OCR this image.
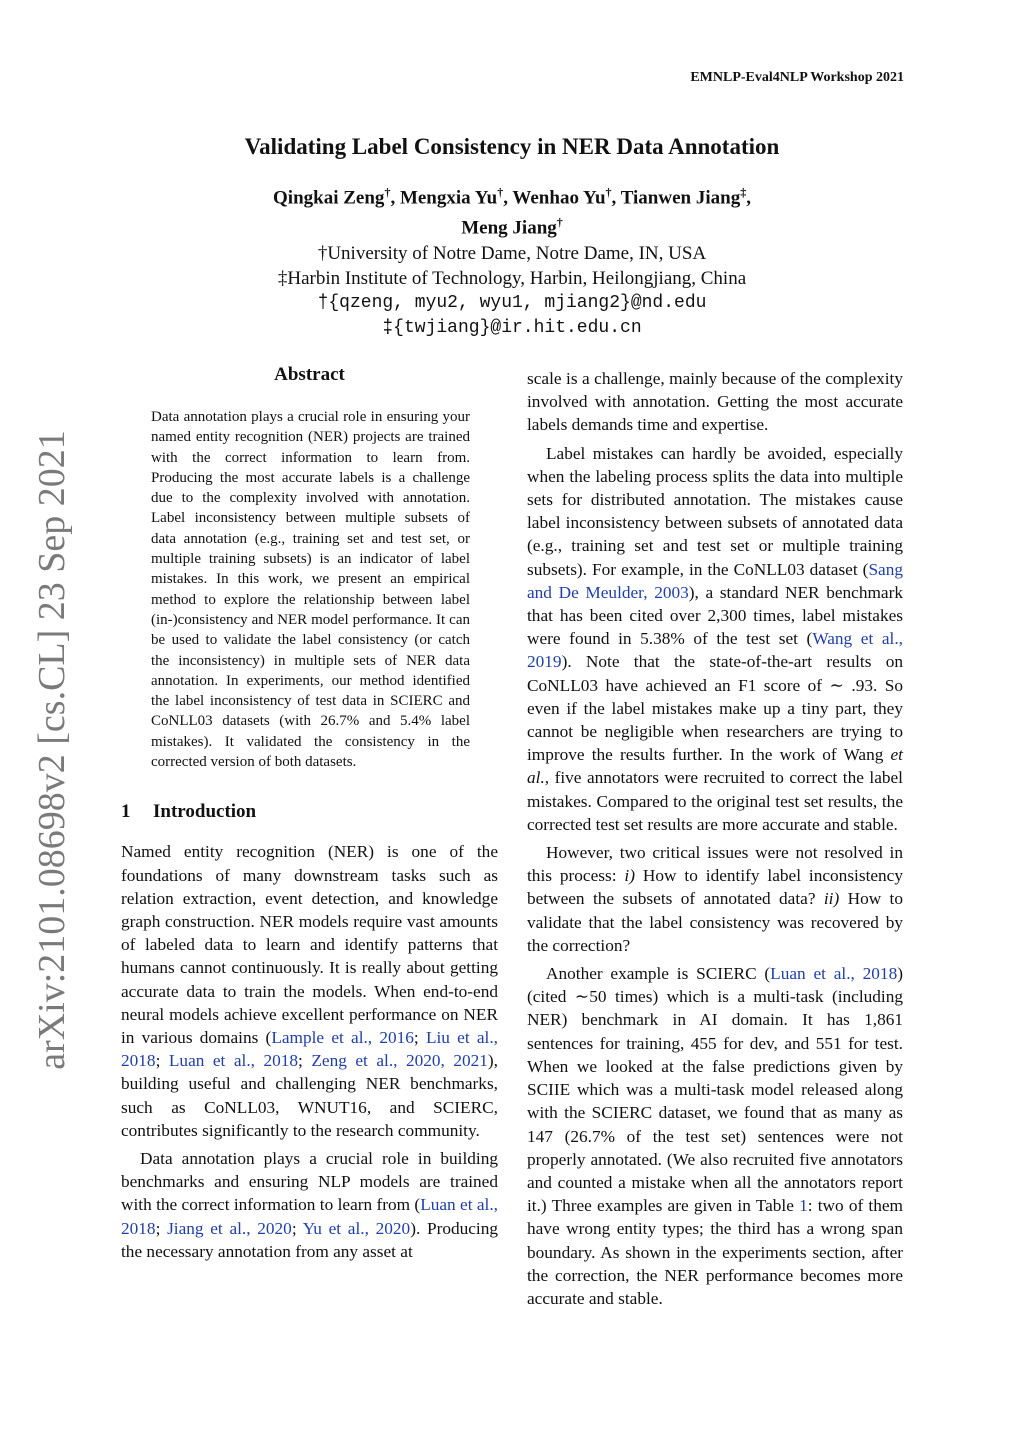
EMNLP-Eval4NLP Workshop 2021
Validating Label Consistency in NER Data Annotation
Qingkai Zeng†, Mengxia Yu†, Wenhao Yu†, Tianwen Jiang‡,
Meng Jiang†
†University of Notre Dame, Notre Dame, IN, USA
‡Harbin Institute of Technology, Harbin, Heilongjiang, China
†{qzeng, myu2, wyu1, mjiang2}@nd.edu
‡{twjiang}@ir.hit.edu.cn
arXiv:2101.08698v2 [cs.CL] 23 Sep 2021
Abstract
Data annotation plays a crucial role in ensuring your named entity recognition (NER) projects are trained with the correct information to learn from. Producing the most accurate labels is a challenge due to the complexity involved with annotation. Label inconsistency between multiple subsets of data annotation (e.g., training set and test set, or multiple training subsets) is an indicator of label mistakes. In this work, we present an empirical method to explore the relationship between label (in-)consistency and NER model performance. It can be used to validate the label consistency (or catch the inconsistency) in multiple sets of NER data annotation. In experiments, our method identified the label inconsistency of test data in SCIERC and CoNLL03 datasets (with 26.7% and 5.4% label mistakes). It validated the consistency in the corrected version of both datasets.
1 Introduction

Named entity recognition (NER) is one of the foundations of many downstream tasks such as relation extraction, event detection, and knowledge graph construction. NER models require vast amounts of labeled data to learn and identify patterns that humans cannot continuously. It is really about getting accurate data to train the models. When end-to-end neural models achieve excellent performance on NER in various domains (Lample et al., 2016; Liu et al., 2018; Luan et al., 2018; Zeng et al., 2020, 2021), building useful and challenging NER benchmarks, such as CoNLL03, WNUT16, and SCIERC, contributes significantly to the research community.

Data annotation plays a crucial role in building benchmarks and ensuring NLP models are trained with the correct information to learn from (Luan et al., 2018; Jiang et al., 2020; Yu et al., 2020). Producing the necessary annotation from any asset at

scale is a challenge, mainly because of the complexity involved with annotation. Getting the most accurate labels demands time and expertise.

Label mistakes can hardly be avoided, especially when the labeling process splits the data into multiple sets for distributed annotation. The mistakes cause label inconsistency between subsets of annotated data (e.g., training set and test set or multiple training subsets). For example, in the CoNLL03 dataset (Sang and De Meulder, 2003), a standard NER benchmark that has been cited over 2,300 times, label mistakes were found in 5.38% of the test set (Wang et al., 2019). Note that the state-of-the-art results on CoNLL03 have achieved an F1 score of ∼ .93. So even if the label mistakes make up a tiny part, they cannot be negligible when researchers are trying to improve the results further. In the work of Wang et al., five annotators were recruited to correct the label mistakes. Compared to the original test set results, the corrected test set results are more accurate and stable.

However, two critical issues were not resolved in this process: i) How to identify label inconsistency between the subsets of annotated data? ii) How to validate that the label consistency was recovered by the correction?

Another example is SCIERC (Luan et al., 2018) (cited ∼50 times) which is a multi-task (including NER) benchmark in AI domain. It has 1,861 sentences for training, 455 for dev, and 551 for test. When we looked at the false predictions given by SCIIE which was a multi-task model released along with the SCIERC dataset, we found that as many as 147 (26.7% of the test set) sentences were not properly annotated. (We also recruited five annotators and counted a mistake when all the annotators report it.) Three examples are given in Table 1: two of them have wrong entity types; the third has a wrong span boundary. As shown in the experiments section, after the correction, the NER performance becomes more accurate and stable.
